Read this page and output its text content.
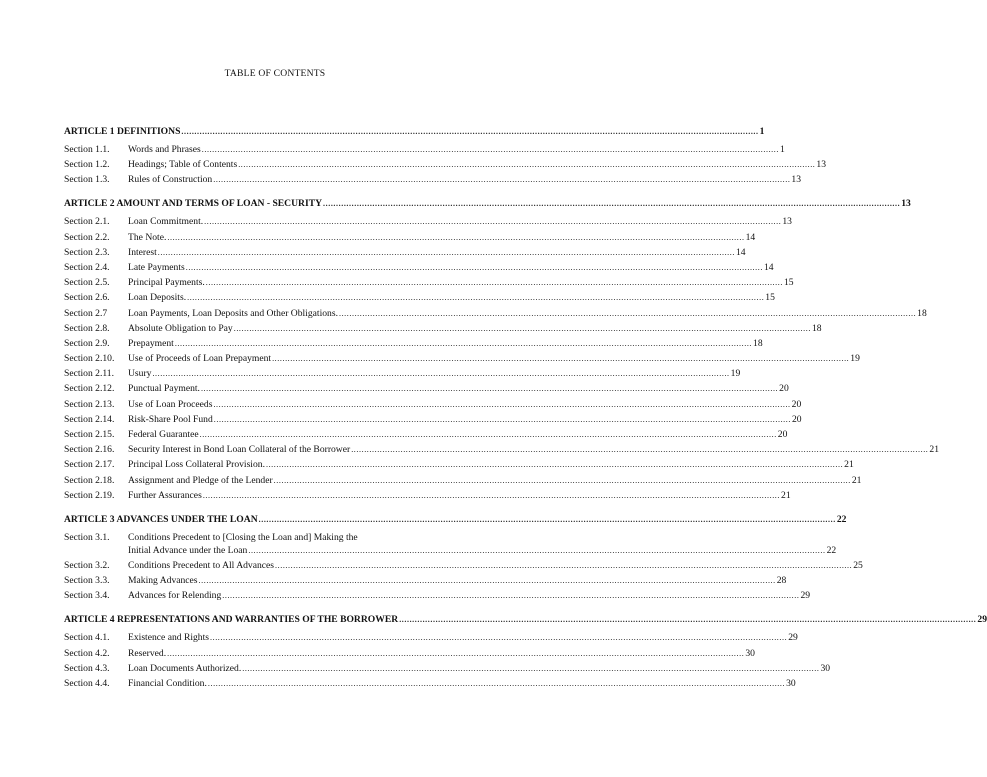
TABLE OF CONTENTS
ARTICLE 1 DEFINITIONS .....	1
Section 1.1.	Words and Phrases .....	1
Section 1.2.	Headings; Table of Contents .....	13
Section 1.3.	Rules of Construction .....	13
ARTICLE 2 AMOUNT AND TERMS OF LOAN - SECURITY .....	13
Section 2.1.	Loan Commitment. .....	13
Section 2.2.	The Note. .....	14
Section 2.3.	Interest .....	14
Section 2.4.	Late Payments .....	14
Section 2.5.	Principal Payments. .....	15
Section 2.6.	Loan Deposits. .....	15
Section 2.7	Loan Payments, Loan Deposits and Other Obligations. .....	18
Section 2.8.	Absolute Obligation to Pay .....	18
Section 2.9.	Prepayment .....	18
Section 2.10.	Use of Proceeds of Loan Prepayment .....	19
Section 2.11.	Usury .....	19
Section 2.12.	Punctual Payment. .....	20
Section 2.13.	Use of Loan Proceeds .....	20
Section 2.14.	Risk-Share Pool Fund .....	20
Section 2.15.	Federal Guarantee .....	20
Section 2.16.	Security Interest in Bond Loan Collateral of the Borrower .....	21
Section 2.17.	Principal Loss Collateral Provision. .....	21
Section 2.18.	Assignment and Pledge of the Lender .....	21
Section 2.19.	Further Assurances .....	21
ARTICLE 3 ADVANCES UNDER THE LOAN .....	22
Section 3.1.	Conditions Precedent to [Closing the Loan and] Making the
Initial Advance under the Loan .....	22
Section 3.2.	Conditions Precedent to All Advances .....	25
Section 3.3.	Making Advances .....	28
Section 3.4.	Advances for Relending .....	29
ARTICLE 4 REPRESENTATIONS AND WARRANTIES OF THE BORROWER .....	29
Section 4.1.	Existence and Rights .....	29
Section 4.2.	Reserved. .....	30
Section 4.3.	Loan Documents Authorized. .....	30
Section 4.4.	Financial Condition. .....	30
